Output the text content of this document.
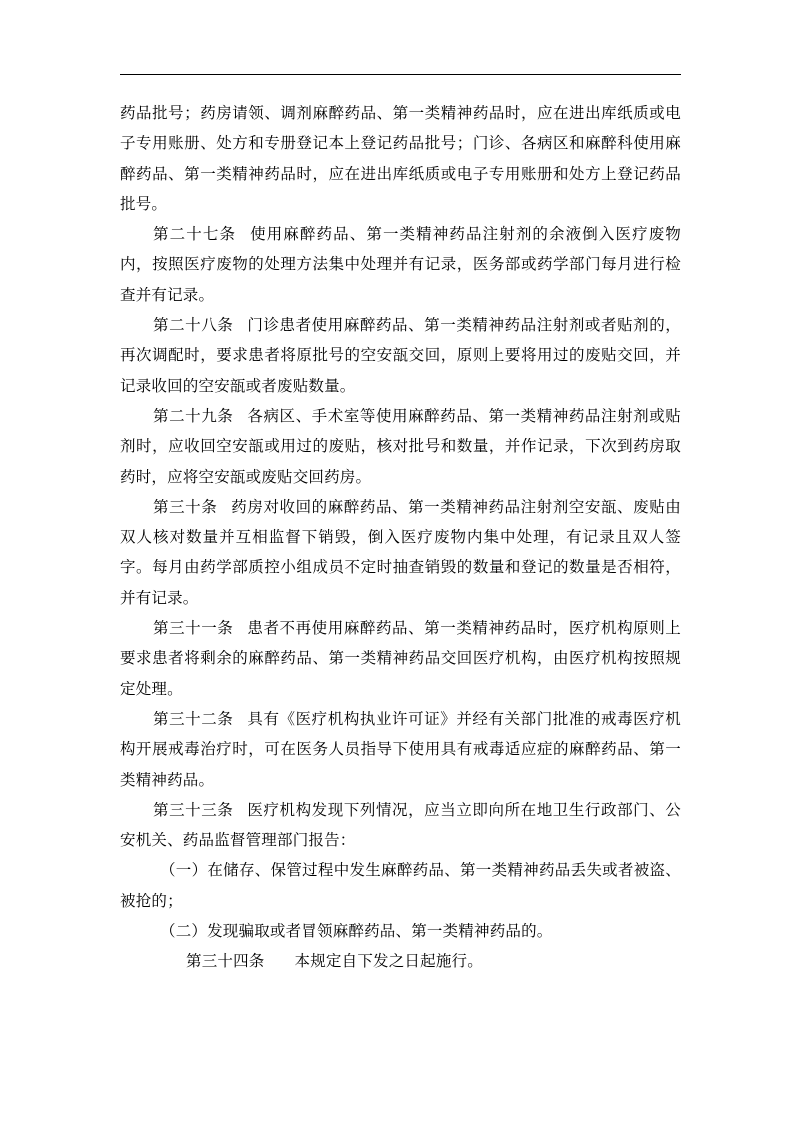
药品批号；药房请领、调剂麻醉药品、第一类精神药品时，应在进出库纸质或电子专用账册、处方和专册登记本上登记药品批号；门诊、各病区和麻醉科使用麻醉药品、第一类精神药品时，应在进出库纸质或电子专用账册和处方上登记药品批号。

第二十七条 使用麻醉药品、第一类精神药品注射剂的余液倒入医疗废物内，按照医疗废物的处理方法集中处理并有记录，医务部或药学部门每月进行检查并有记录。

第二十八条 门诊患者使用麻醉药品、第一类精神药品注射剂或者贴剂的，再次调配时，要求患者将原批号的空安瓿交回，原则上要将用过的废贴交回，并记录收回的空安瓿或者废贴数量。

第二十九条 各病区、手术室等使用麻醉药品、第一类精神药品注射剂或贴剂时，应收回空安瓿或用过的废贴，核对批号和数量，并作记录，下次到药房取药时，应将空安瓿或废贴交回药房。

第三十条 药房对收回的麻醉药品、第一类精神药品注射剂空安瓿、废贴由双人核对数量并互相监督下销毁，倒入医疗废物内集中处理，有记录且双人签字。每月由药学部质控小组成员不定时抽查销毁的数量和登记的数量是否相符，并有记录。

第三十一条 患者不再使用麻醉药品、第一类精神药品时，医疗机构原则上要求患者将剩余的麻醉药品、第一类精神药品交回医疗机构，由医疗机构按照规定处理。

第三十二条 具有《医疗机构执业许可证》并经有关部门批准的戒毒医疗机构开展戒毒治疗时，可在医务人员指导下使用具有戒毒适应症的麻醉药品、第一类精神药品。

第三十三条 医疗机构发现下列情况，应当立即向所在地卫生行政部门、公安机关、药品监督管理部门报告：

（一）在储存、保管过程中发生麻醉药品、第一类精神药品丢失或者被盗、被抢的；

（二）发现骗取或者冒领麻醉药品、第一类精神药品的。

第三十四条 本规定自下发之日起施行。
